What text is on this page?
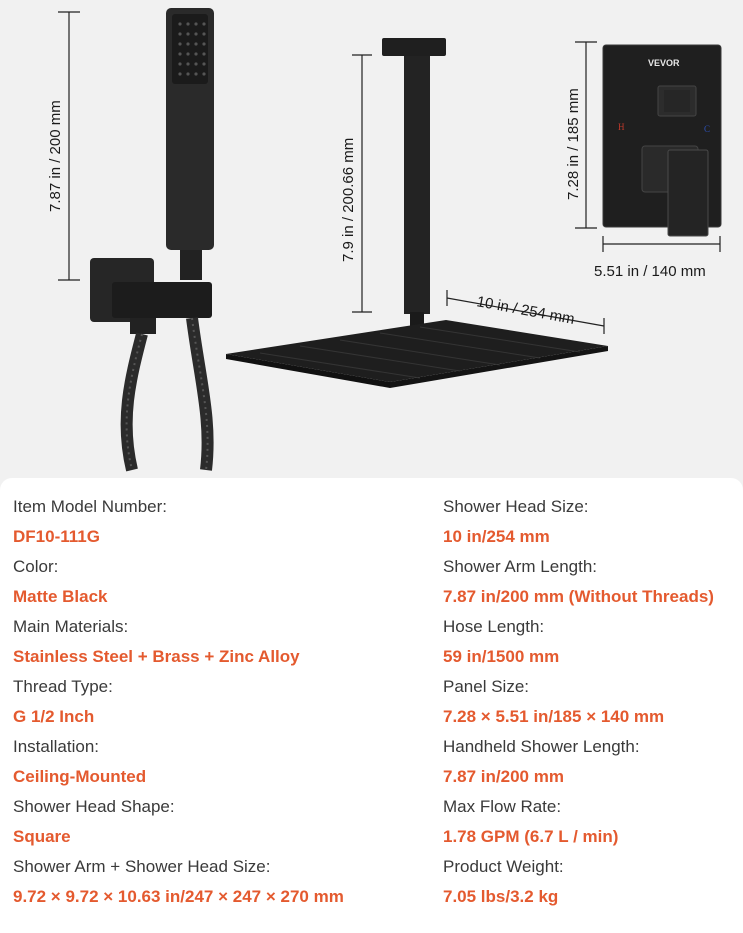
7.87 in / 200 mm	7.9 in / 200.66 mm
10 in / 254 mm
7.28 in / 185 mm
VEVOR
H	C
5.51 in / 140 mm
Item Model Number:
DF10-111G
Color:
Matte Black
Main Materials:
Stainless Steel + Brass + Zinc Alloy
Thread Type:
G 1/2 Inch
Installation:
Ceiling-Mounted
Shower Head Shape:
Square
Shower Arm + Shower Head Size:
9.72 × 9.72 × 10.63 in/247 × 247 × 270 mm
Shower Head Size:
10 in/254 mm
Shower Arm Length:
7.87 in/200 mm (Without Threads)
Hose Length:
59 in/1500 mm
Panel Size:
7.28 × 5.51 in/185 × 140 mm
Handheld Shower Length:
7.87 in/200 mm
Max Flow Rate:
1.78 GPM (6.7 L / min)
Product Weight:
7.05 lbs/3.2 kg
